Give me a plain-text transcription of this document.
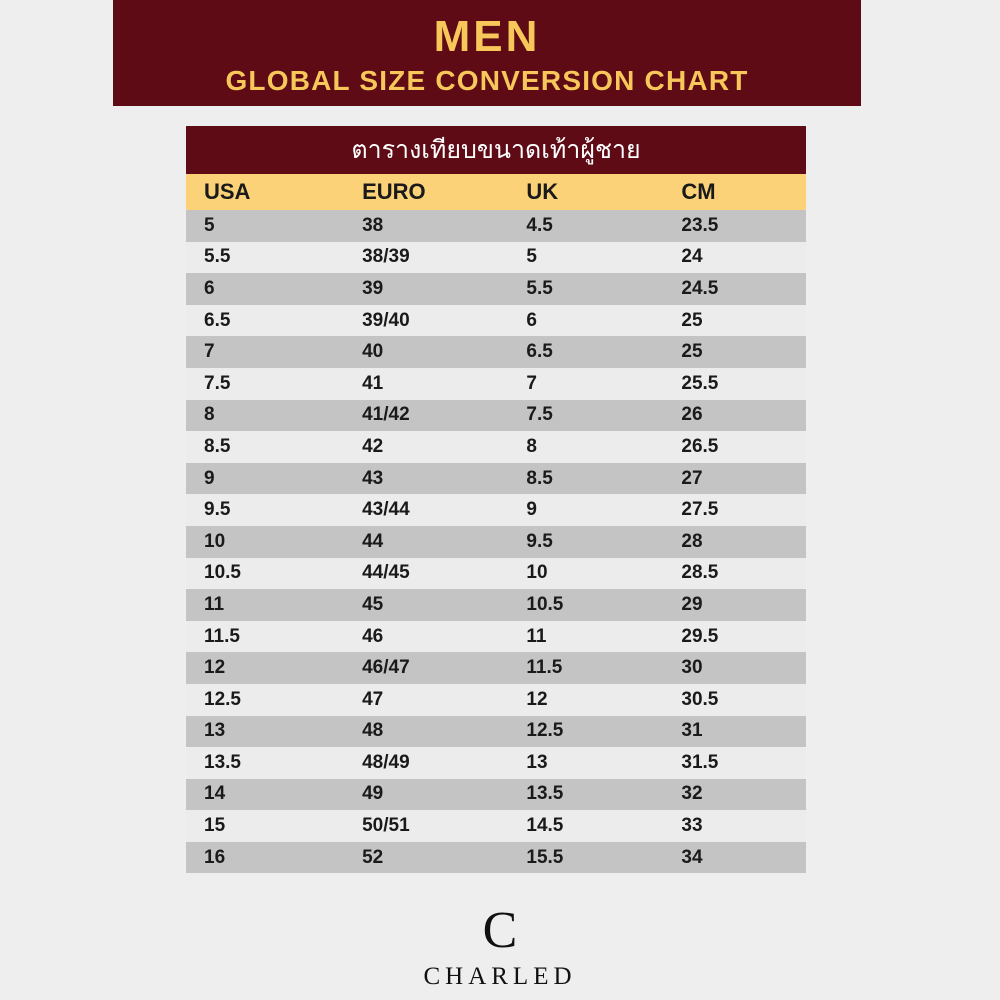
MEN
GLOBAL SIZE CONVERSION CHART
ตารางเทียบขนาดเท้าผู้ชาย
USA	EURO	UK	CM
5	38	4.5	23.5
5.5	38/39	5	24
6	39	5.5	24.5
6.5	39/40	6	25
7	40	6.5	25
7.5	41	7	25.5
8	41/42	7.5	26
8.5	42	8	26.5
9	43	8.5	27
9.5	43/44	9	27.5
10	44	9.5	28
10.5	44/45	10	28.5
11	45	10.5	29
11.5	46	11	29.5
12	46/47	11.5	30
12.5	47	12	30.5
13	48	12.5	31
13.5	48/49	13	31.5
14	49	13.5	32
15	50/51	14.5	33
16	52	15.5	34
C
CHARLED
